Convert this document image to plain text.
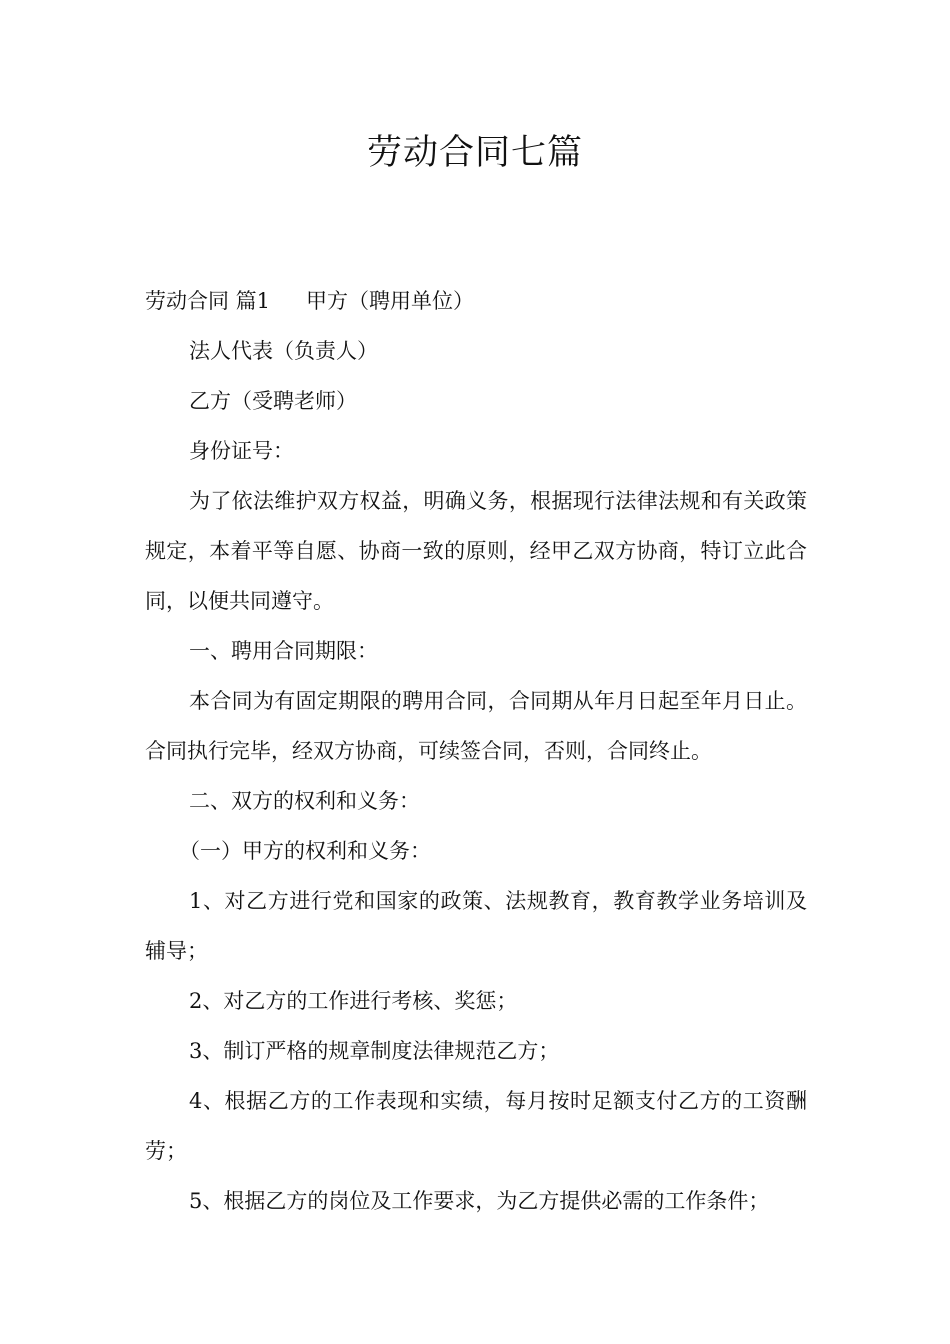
劳动合同七篇

劳动合同 篇1 甲方（聘用单位）

法人代表（负责人）

乙方（受聘老师）

身份证号：

为了依法维护双方权益，明确义务，根据现行法律法规和有关政策规定，本着平等自愿、协商一致的原则，经甲乙双方协商，特订立此合同，以便共同遵守。

一、聘用合同期限：

本合同为有固定期限的聘用合同，合同期从年月日起至年月日止。合同执行完毕，经双方协商，可续签合同，否则，合同终止。

二、双方的权利和义务：

（一）甲方的权利和义务：

1、对乙方进行党和国家的政策、法规教育，教育教学业务培训及辅导；

2、对乙方的工作进行考核、奖惩；

3、制订严格的规章制度法律规范乙方；

4、根据乙方的工作表现和实绩，每月按时足额支付乙方的工资酬劳；

5、根据乙方的岗位及工作要求，为乙方提供必需的工作条件；
